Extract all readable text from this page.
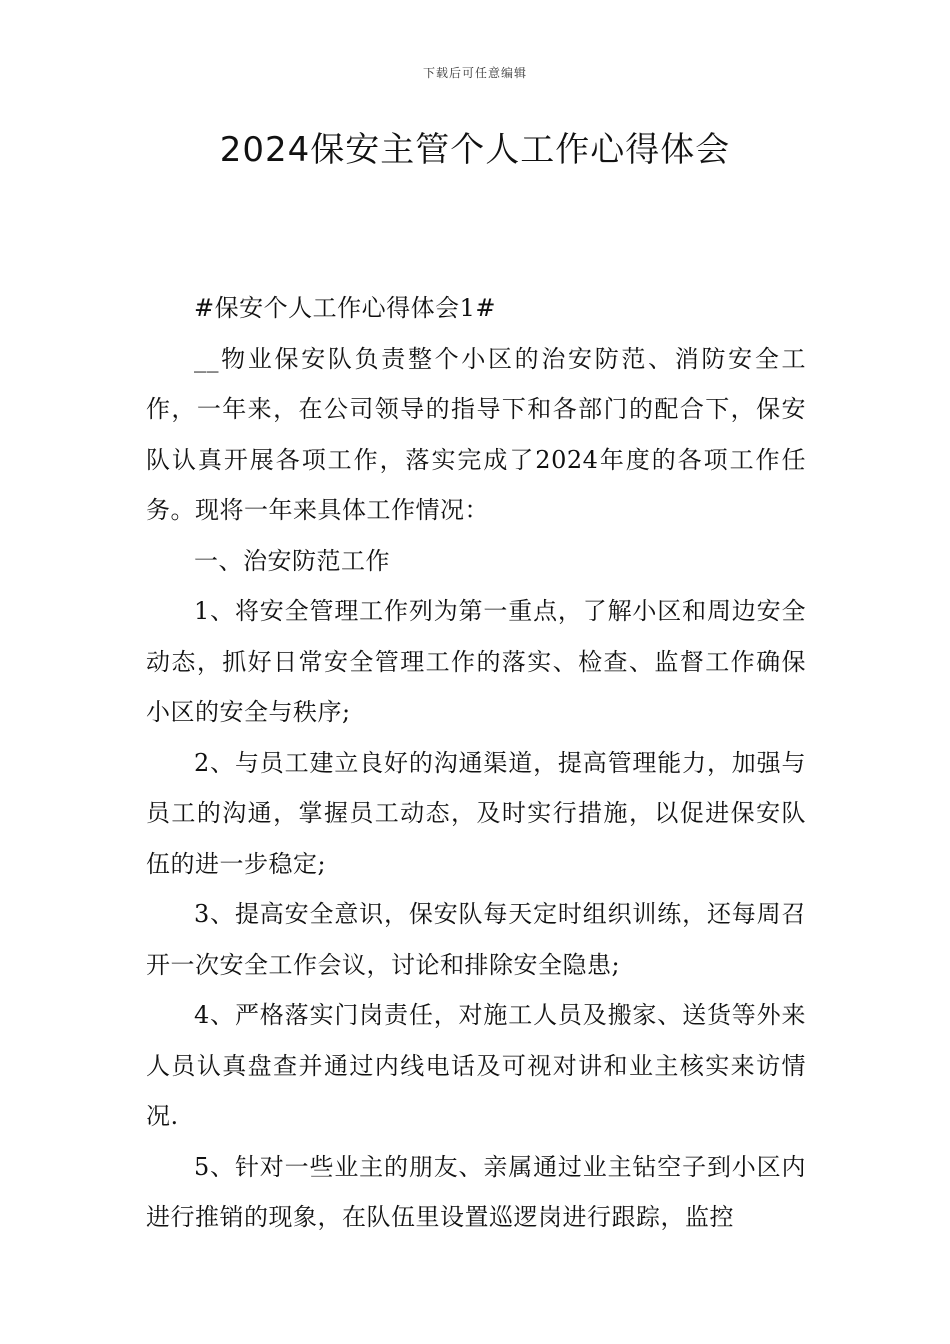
下载后可任意编辑
2024保安主管个人工作心得体会

#保安个人工作心得体会1#

__物业保安队负责整个小区的治安防范、消防安全工作，一年来，在公司领导的指导下和各部门的配合下，保安队认真开展各项工作，落实完成了2024年度的各项工作任务。现将一年来具体工作情况：

一、治安防范工作

1、将安全管理工作列为第一重点，了解小区和周边安全动态，抓好日常安全管理工作的落实、检查、监督工作确保小区的安全与秩序;

2、与员工建立良好的沟通渠道，提高管理能力，加强与员工的沟通，掌握员工动态，及时实行措施，以促进保安队伍的进一步稳定;

3、提高安全意识，保安队每天定时组织训练，还每周召开一次安全工作会议，讨论和排除安全隐患;

4、严格落实门岗责任，对施工人员及搬家、送货等外来人员认真盘查并通过内线电话及可视对讲和业主核实来访情况.

5、针对一些业主的朋友、亲属通过业主钻空子到小区内进行推销的现象，在队伍里设置巡逻岗进行跟踪，监控
